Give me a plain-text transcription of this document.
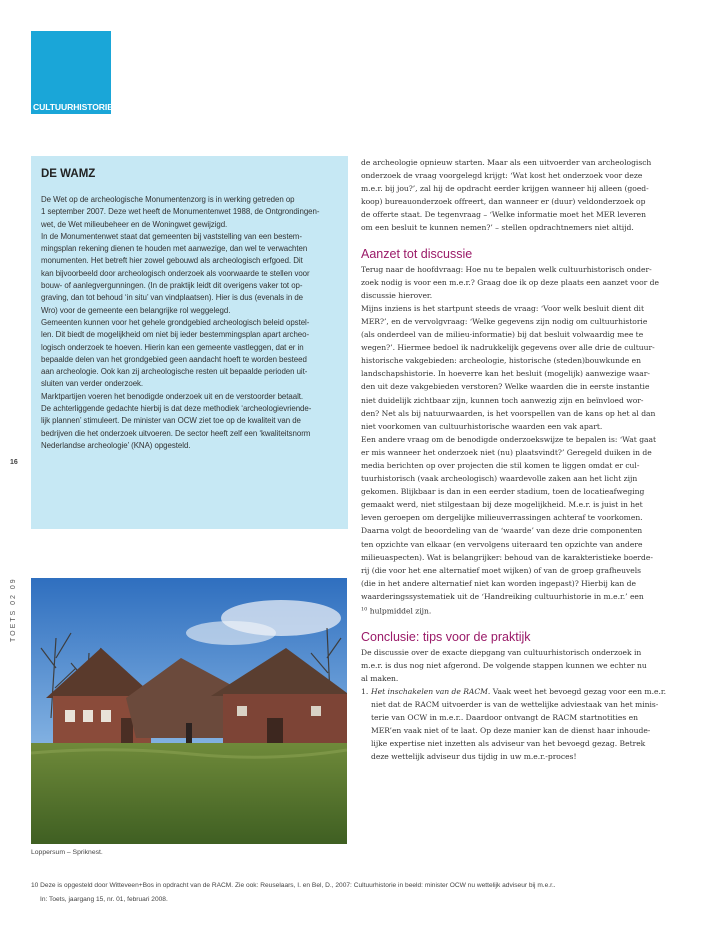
CULTUURHISTORIE
16
TOETS 02 09
DE WAMZ

De Wet op de archeologische Monumentenzorg is in werking getreden op

1 september 2007. Deze wet heeft de Monumentenwet 1988, de Ontgrondingen-

wet, de Wet milieubeheer en de Woningwet gewijzigd.

In de Monumentenwet staat dat gemeenten bij vaststelling van een bestem-

mingsplan rekening dienen te houden met aanwezige, dan wel te verwachten

monumenten. Het betreft hier zowel gebouwd als archeologisch erfgoed. Dit

kan bijvoorbeeld door archeologisch onderzoek als voorwaarde te stellen voor

bouw- of aanlegvergunningen. (In de praktijk leidt dit overigens vaker tot op-

graving, dan tot behoud ‘in situ’ van vindplaatsen). Hier is dus (evenals in de

Wro) voor de gemeente een belangrijke rol weggelegd.

Gemeenten kunnen voor het gehele grondgebied archeologisch beleid opstel-

len. Dit biedt de mogelijkheid om niet bij ieder bestemmingsplan apart archeo-

logisch onderzoek te hoeven. Hierin kan een gemeente vastleggen, dat er in

bepaalde delen van het grondgebied geen aandacht hoeft te worden besteed

aan archeologie. Ook kan zij archeologische resten uit bepaalde perioden uit-

sluiten van verder onderzoek.

Marktpartijen voeren het benodigde onderzoek uit en de verstoorder betaalt.

De achterliggende gedachte hierbij is dat deze methodiek ‘archeologievriende-

lijk plannen’ stimuleert. De minister van OCW ziet toe op de kwaliteit van de

bedrijven die het onderzoek uitvoeren. De sector heeft zelf een ‘kwaliteitsnorm

Nederlandse archeologie’ (KNA) opgesteld.

Loppersum – Spriknest.

de archeologie opnieuw starten. Maar als een uitvoerder van archeologisch

onderzoek de vraag voorgelegd krijgt: ‘Wat kost het onderzoek voor deze

m.e.r. bij jou?’, zal hij de opdracht eerder krijgen wanneer hij alleen (goed-

koop) bureauonderzoek offreert, dan wanneer er (duur) veldonderzoek op

de offerte staat. De tegenvraag – ‘Welke informatie moet het MER leveren

om een besluit te kunnen nemen?’ – stellen opdrachtnemers niet altijd.

Aanzet tot discussie

Terug naar de hoofdvraag: Hoe nu te bepalen welk cultuurhistorisch onder-

zoek nodig is voor een m.e.r.? Graag doe ik op deze plaats een aanzet voor de

discussie hierover.

Mijns inziens is het startpunt steeds de vraag: ‘Voor welk besluit dient dit

MER?’, en de vervolgvraag: ‘Welke gegevens zijn nodig om cultuurhistorie

(als onderdeel van de milieu-informatie) bij dat besluit volwaardig mee te

wegen?’. Hiermee bedoel ik nadrukkelijk gegevens over alle drie de cultuur-

historische vakgebieden: archeologie, historische (steden)bouwkunde en

landschapshistorie. In hoeverre kan het besluit (mogelijk) aanwezige waar-

den uit deze vakgebieden verstoren? Welke waarden die in eerste instantie

niet duidelijk zichtbaar zijn, kunnen toch aanwezig zijn en beïnvloed wor-

den? Net als bij natuurwaarden, is het voorspellen van de kans op het al dan

niet voorkomen van cultuurhistorische waarden een vak apart.

Een andere vraag om de benodigde onderzoekswijze te bepalen is: ‘Wat gaat

er mis wanneer het onderzoek niet (nu) plaatsvindt?’ Geregeld duiken in de

media berichten op over projecten die stil komen te liggen omdat er cul-

tuurhistorisch (vaak archeologisch) waardevolle zaken aan het licht zijn

gekomen. Blijkbaar is dan in een eerder stadium, toen de locatieafweging

gemaakt werd, niet stilgestaan bij deze mogelijkheid. M.e.r. is juist in het

leven geroepen om dergelijke milieuverrassingen achteraf te voorkomen.

Daarna volgt de beoordeling van de ‘waarde’ van deze drie componenten

ten opzichte van elkaar (en vervolgens uiteraard ten opzichte van andere

milieuaspecten). Wat is belangrijker: behoud van de karakteristieke boerde-

rij (die voor het ene alternatief moet wijken) of van de groep grafheuvels

(die in het andere alternatief niet kan worden ingepast)? Hierbij kan de

waarderingssystematiek uit de ‘Handreiking cultuurhistorie in m.e.r.’ een

$^{10}$ hulpmiddel zijn.

Conclusie: tips voor de praktijk

De discussie over de exacte diepgang van cultuurhistorisch onderzoek in

m.e.r. is dus nog niet afgerond. De volgende stappen kunnen we echter nu

al maken.

1. Het inschakelen van de RACM. Vaak weet het bevoegd gezag voor een m.e.r.

niet dat de RACM uitvoerder is van de wettelijke adviestaak van het minis-

terie van OCW in m.e.r.. Daardoor ontvangt de RACM startnotities en

MER’en vaak niet of te laat. Op deze manier kan de dienst haar inhoude-

lijke expertise niet inzetten als adviseur van het bevoegd gezag. Betrek

deze wettelijk adviseur dus tijdig in uw m.e.r.-proces!

10 Deze is opgesteld door Witteveen+Bos in opdracht van de RACM. Zie ook: Reuselaars, I. en Bel, D., 2007: Cultuurhistorie in beeld: minister OCW nu wettelijk adviseur bij m.e.r..
In: Toets, jaargang 15, nr. 01, februari 2008.
